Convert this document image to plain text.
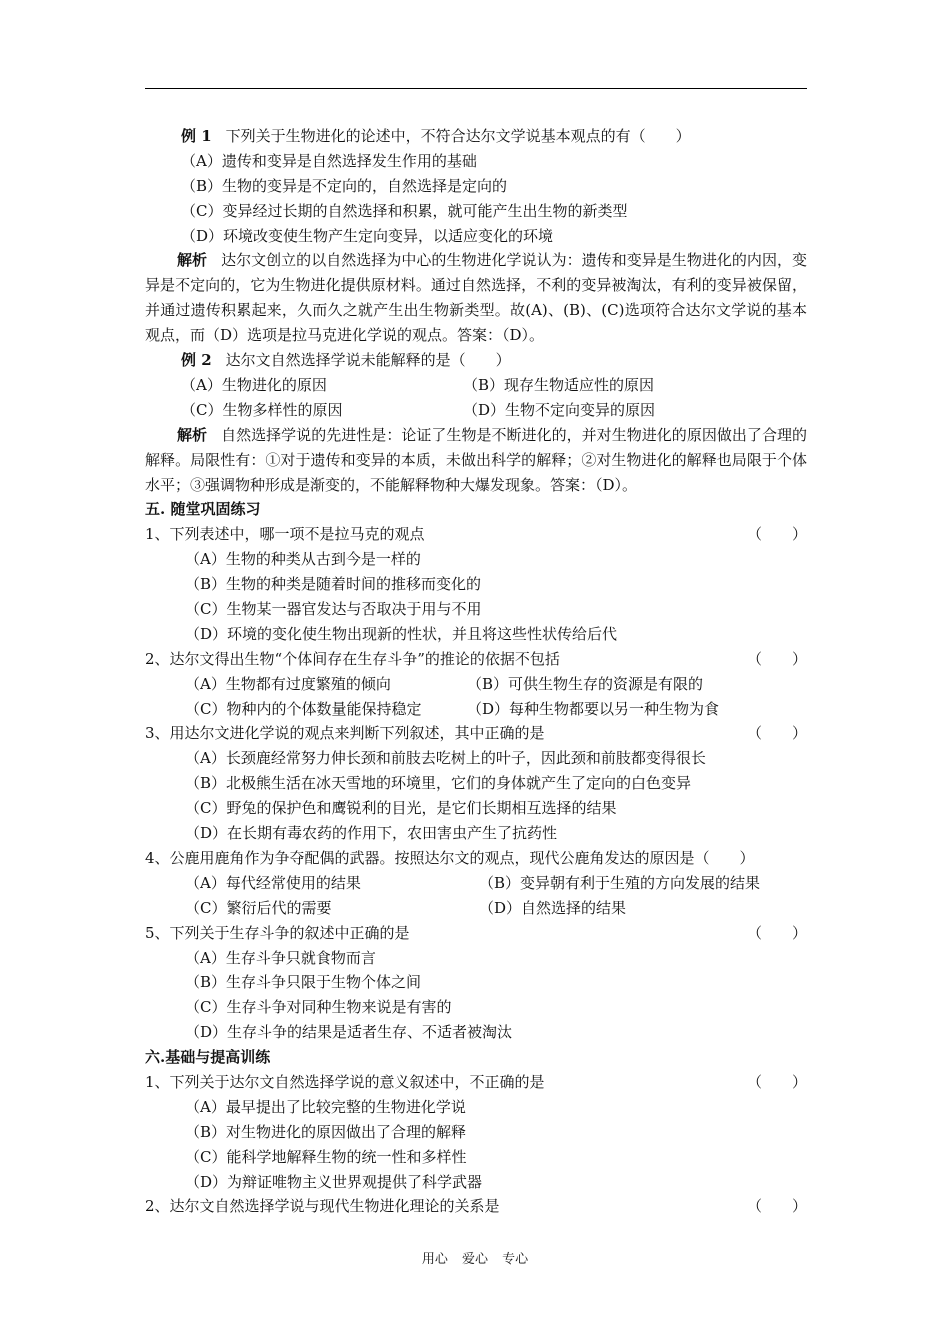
例 1 下列关于生物进化的论述中，不符合达尔文学说基本观点的有（　　）
（A）遗传和变异是自然选择发生作用的基础
（B）生物的变异是不定向的，自然选择是定向的
（C）变异经过长期的自然选择和积累，就可能产生出生物的新类型
（D）环境改变使生物产生定向变异，以适应变化的环境
解析 达尔文创立的以自然选择为中心的生物进化学说认为：遗传和变异是生物进化的内因，变异是不定向的，它为生物进化提供原材料。通过自然选择，不利的变异被淘汰，有利的变异被保留，并通过遗传积累起来，久而久之就产生出生物新类型。故(A)、(B)、(C)选项符合达尔文学说的基本观点，而（D）选项是拉马克进化学说的观点。答案：（D）。
例 2 达尔文自然选择学说未能解释的是（　　）
（A）生物进化的原因	（B）现存生物适应性的原因
（C）生物多样性的原因	（D）生物不定向变异的原因
解析 自然选择学说的先进性是：论证了生物是不断进化的，并对生物进化的原因做出了合理的解释。局限性有：①对于遗传和变异的本质，未做出科学的解释；②对生物进化的解释也局限于个体水平；③强调物种形成是渐变的，不能解释物种大爆发现象。答案：（D）。
五. 随堂巩固练习
1、下列表述中，哪一项不是拉马克的观点	（　　）
（A）生物的种类从古到今是一样的
（B）生物的种类是随着时间的推移而变化的
（C）生物某一器官发达与否取决于用与不用
（D）环境的变化使生物出现新的性状，并且将这些性状传给后代
2、达尔文得出生物“个体间存在生存斗争”的推论的依据不包括	（　　）
（A）生物都有过度繁殖的倾向	（B）可供生物生存的资源是有限的
（C）物种内的个体数量能保持稳定	（D）每种生物都要以另一种生物为食
3、用达尔文进化学说的观点来判断下列叙述，其中正确的是	（　　）
（A）长颈鹿经常努力伸长颈和前肢去吃树上的叶子，因此颈和前肢都变得很长
（B）北极熊生活在冰天雪地的环境里，它们的身体就产生了定向的白色变异
（C）野兔的保护色和鹰锐利的目光，是它们长期相互选择的结果
（D）在长期有毒农药的作用下，农田害虫产生了抗药性
4、公鹿用鹿角作为争夺配偶的武器。按照达尔文的观点，现代公鹿角发达的原因是（　　）
（A）每代经常使用的结果	（B）变异朝有利于生殖的方向发展的结果
（C）繁衍后代的需要	（D）自然选择的结果
5、下列关于生存斗争的叙述中正确的是	（　　）
（A）生存斗争只就食物而言
（B）生存斗争只限于生物个体之间
（C）生存斗争对同种生物来说是有害的
（D）生存斗争的结果是适者生存、不适者被淘汰
六.基础与提高训练
1、下列关于达尔文自然选择学说的意义叙述中，不正确的是	（　　）
（A）最早提出了比较完整的生物进化学说
（B）对生物进化的原因做出了合理的解释
（C）能科学地解释生物的统一性和多样性
（D）为辩证唯物主义世界观提供了科学武器
2、达尔文自然选择学说与现代生物进化理论的关系是	（　　）
用心 爱心 专心
